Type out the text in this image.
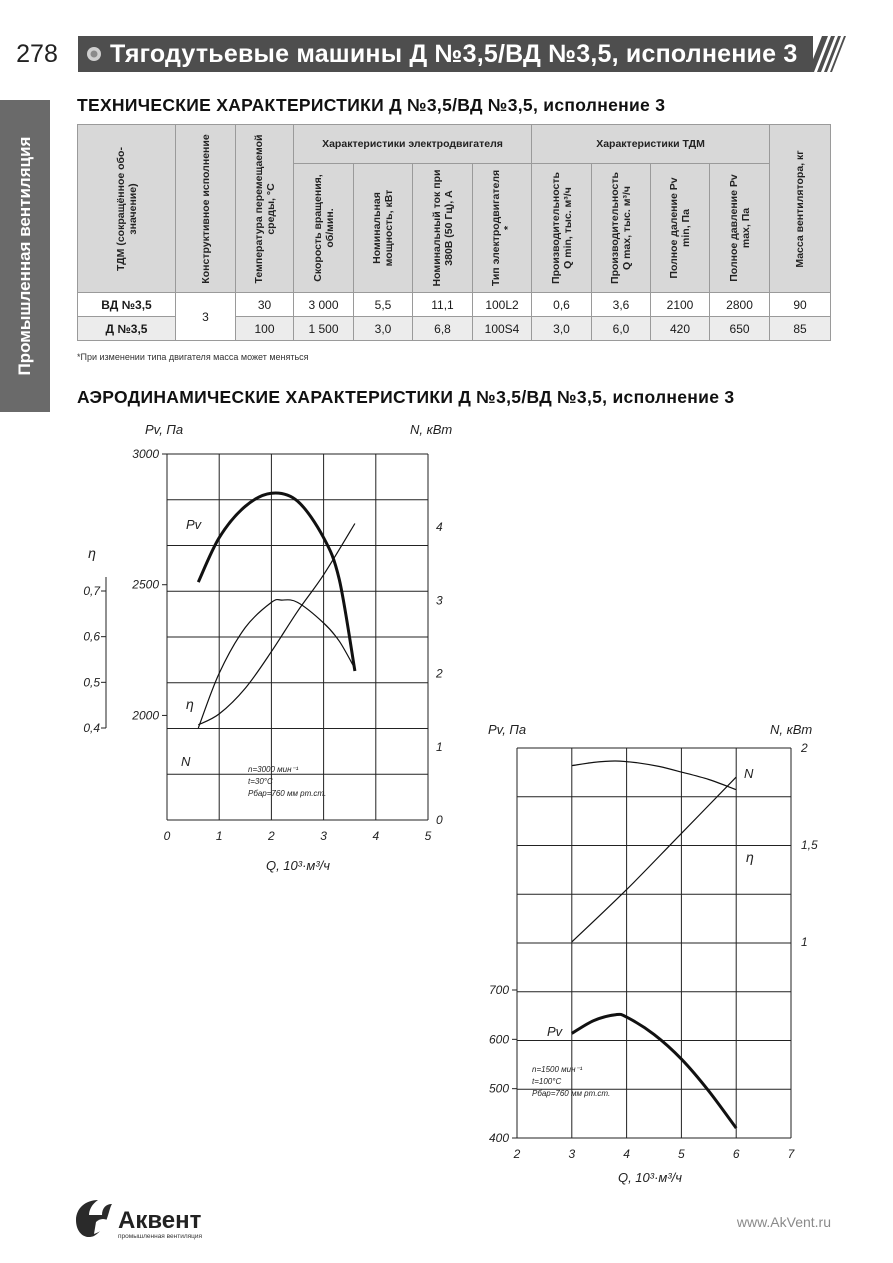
278	Тягодутьевые машины Д №3,5/ВД №3,5, исполнение 3
Промышленная вентиляция
ТЕХНИЧЕСКИЕ ХАРАКТЕРИСТИКИ Д №3,5/ВД №3,5, исполнение 3
ТДМ (сокращённое обо-значение)	Конструктивное исполнение	Температура перемещаемой среды, °С	Характеристики электродвигателя				Характеристики ТДМ				Масса вентилятора, кг

			Скорость вращения, об/мин.	Номинальная мощность, кВт	Номинальный ток при 380В (50 Гц), А	Тип электродвигателя *	Производительность Q min, тыс. м³/ч	Производительность Q max, тыс. м³/ч	Полное даление Pv min, Па	Полное давление Pv max, Па	

ВД №3,5	3	30	3 000	5,5	11,1	100L2	0,6	3,6	2100	2800	90
Д №3,5		100	1 500	3,0	6,8	100S4	3,0	6,0	420	650	85
*При изменении типа двигателя масса может меняться
АЭРОДИНАМИЧЕСКИЕ ХАРАКТЕРИСТИКИ Д №3,5/ВД №3,5, исполнение 3
3000
2500
2000
4
3
2
1
0
0,7
0,6
0,5
0,4
η
0	1	2	3	4	5
Pv, Па	N, кВт
Q, 10³·м³/ч
n=3000 мин⁻¹
t=30°C
Pбар=760 мм рт.ст.
Pv
η
N
700
600
500
400
2
1,5
1
2	3	4	5	6	7
Pv, Па	N, кВт
Q, 10³·м³/ч
n=1500 мин⁻¹
t=100°C
Pбар=760 мм рт.ст.
Pv
N
η
Аквент
промышленная вентиляция
www.AkVent.ru
